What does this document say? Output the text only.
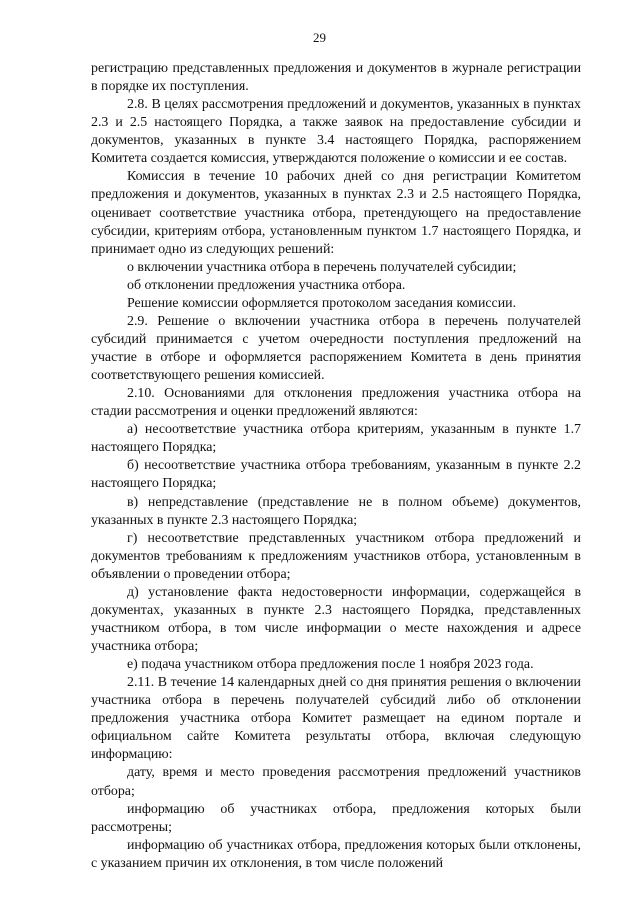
29

регистрацию представленных предложения и документов в журнале регистрации в порядке их поступления.

2.8. В целях рассмотрения предложений и документов, указанных в пунктах 2.3 и 2.5 настоящего Порядка, а также заявок на предоставление субсидии и документов, указанных в пункте 3.4 настоящего Порядка, распоряжением Комитета создается комиссия, утверждаются положение о комиссии и ее состав.

Комиссия в течение 10 рабочих дней со дня регистрации Комитетом предложения и документов, указанных в пунктах 2.3 и 2.5 настоящего Порядка, оценивает соответствие участника отбора, претендующего на предоставление субсидии, критериям отбора, установленным пунктом 1.7 настоящего Порядка, и принимает одно из следующих решений:

о включении участника отбора в перечень получателей субсидии;

об отклонении предложения участника отбора.

Решение комиссии оформляется протоколом заседания комиссии.

2.9. Решение о включении участника отбора в перечень получателей субсидий принимается с учетом очередности поступления предложений на участие в отборе и оформляется распоряжением Комитета в день принятия соответствующего решения комиссией.

2.10. Основаниями для отклонения предложения участника отбора на стадии рассмотрения и оценки предложений являются:

а) несоответствие участника отбора критериям, указанным в пункте 1.7 настоящего Порядка;

б) несоответствие участника отбора требованиям, указанным в пункте 2.2 настоящего Порядка;

в) непредставление (представление не в полном объеме) документов, указанных в пункте 2.3 настоящего Порядка;

г) несоответствие представленных участником отбора предложений и документов требованиям к предложениям участников отбора, установленным в объявлении о проведении отбора;

д) установление факта недостоверности информации, содержащейся в документах, указанных в пункте 2.3 настоящего Порядка, представленных участником отбора, в том числе информации о месте нахождения и адресе участника отбора;

е) подача участником отбора предложения после 1 ноября 2023 года.

2.11. В течение 14 календарных дней со дня принятия решения о включении участника отбора в перечень получателей субсидий либо об отклонении предложения участника отбора Комитет размещает на едином портале и официальном сайте Комитета результаты отбора, включая следующую информацию:

дату, время и место проведения рассмотрения предложений участников отбора;

информацию об участниках отбора, предложения которых были рассмотрены;

информацию об участниках отбора, предложения которых были отклонены, с указанием причин их отклонения, в том числе положений
